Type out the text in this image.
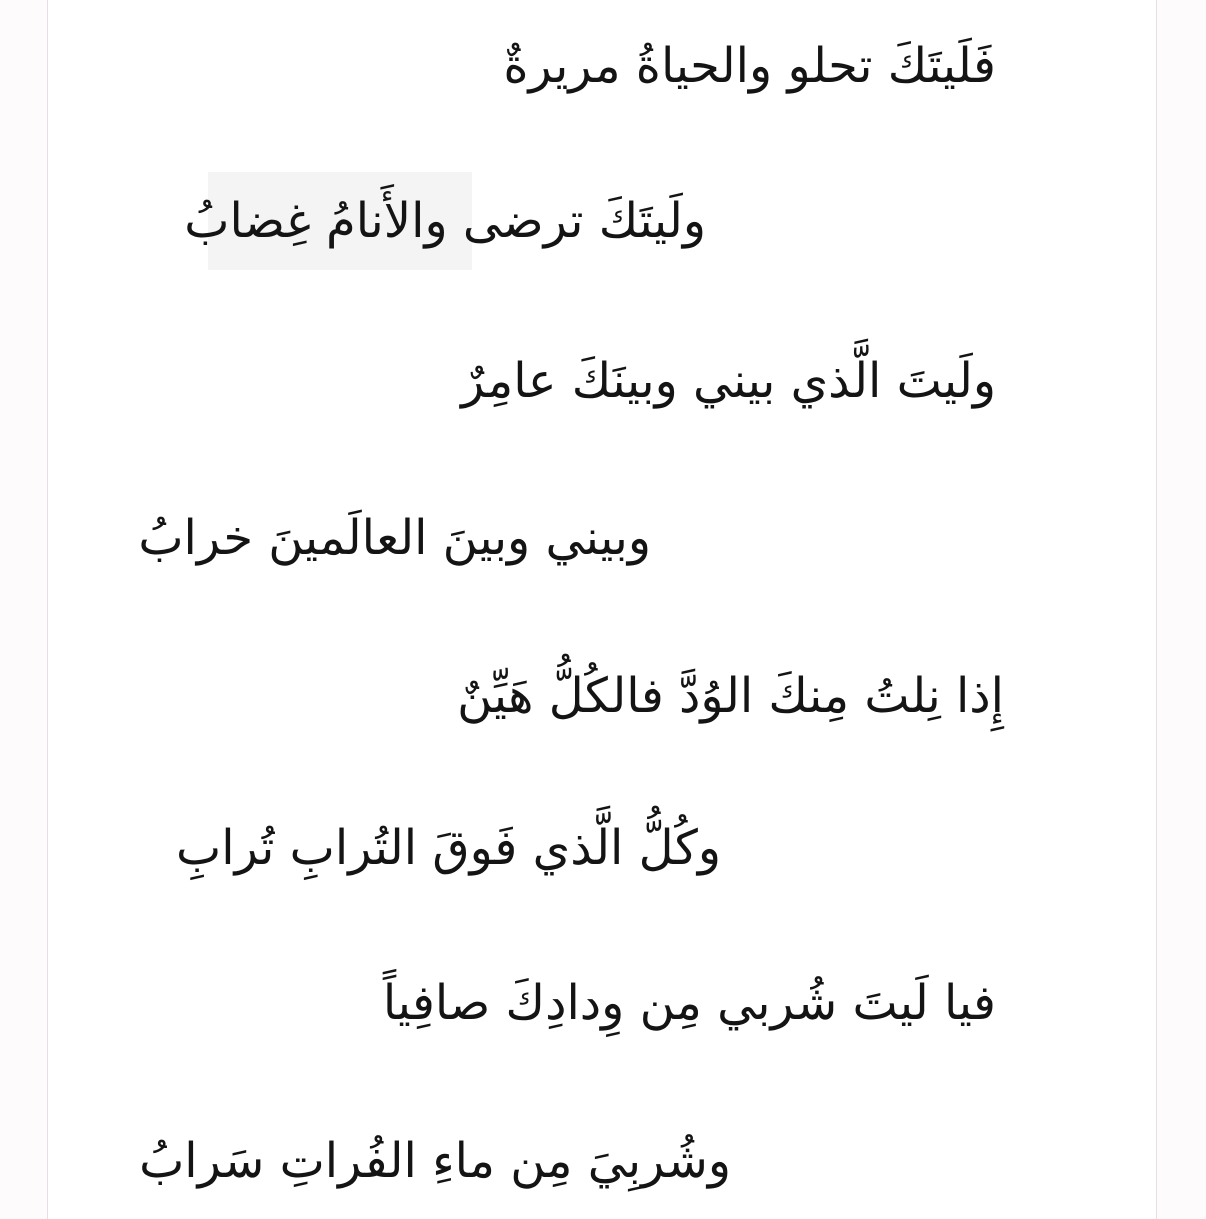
فَلَيتَكَ تحلو والحياةُ مريرةٌ

ولَيتَكَ ترضى والأَنامُ غِضابُ

ولَيتَ الَّذي بيني وبينَكَ عامِرٌ

وبيني وبينَ العالَمينَ خرابُ

إِذا نِلتُ مِنكَ الوُدَّ فالكُلُّ هَيِّنٌ

وكُلُّ الَّذي فَوقَ التُرابِ تُرابِ

فيا لَيتَ شُربي مِن وِدادِكَ صافِياً

وشُربِيَ مِن ماءِ الفُراتِ سَرابُ
